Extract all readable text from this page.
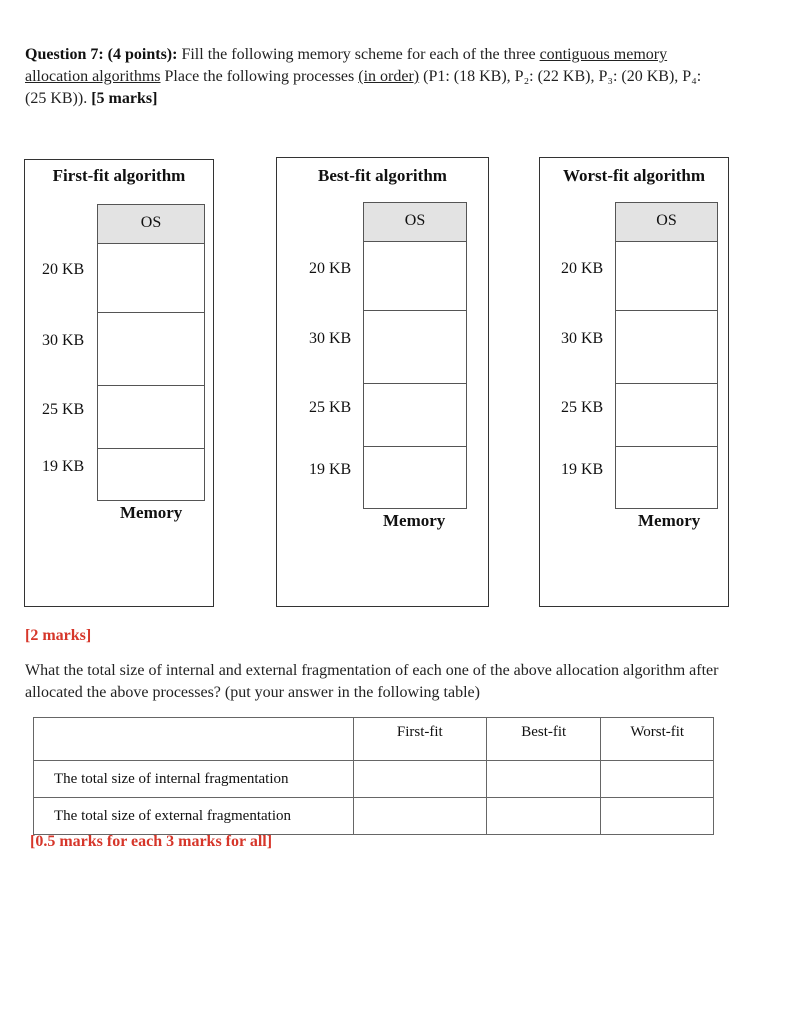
Question 7: (4 points): Fill the following memory scheme for each of the three contiguous memory allocation algorithms Place the following processes (in order) (P1: (18 KB), P₂: (22 KB), P₃: (20 KB), P₄: (25 KB)). [5 marks]
First-fit algorithm
OS
20 KB
30 KB
25 KB
19 KB
Memory
Best-fit algorithm
OS
20 KB
30 KB
25 KB
19 KB
Memory
Worst-fit algorithm
OS
20 KB
30 KB
25 KB
19 KB
Memory
[2 marks]
What the total size of internal and external fragmentation of each one of the above allocation algorithm after allocated the above processes? (put your answer in the following table)
	First-fit	Best-fit	Worst-fit
The total size of internal fragmentation			
The total size of external fragmentation			
[0.5 marks for each 3 marks for all]
